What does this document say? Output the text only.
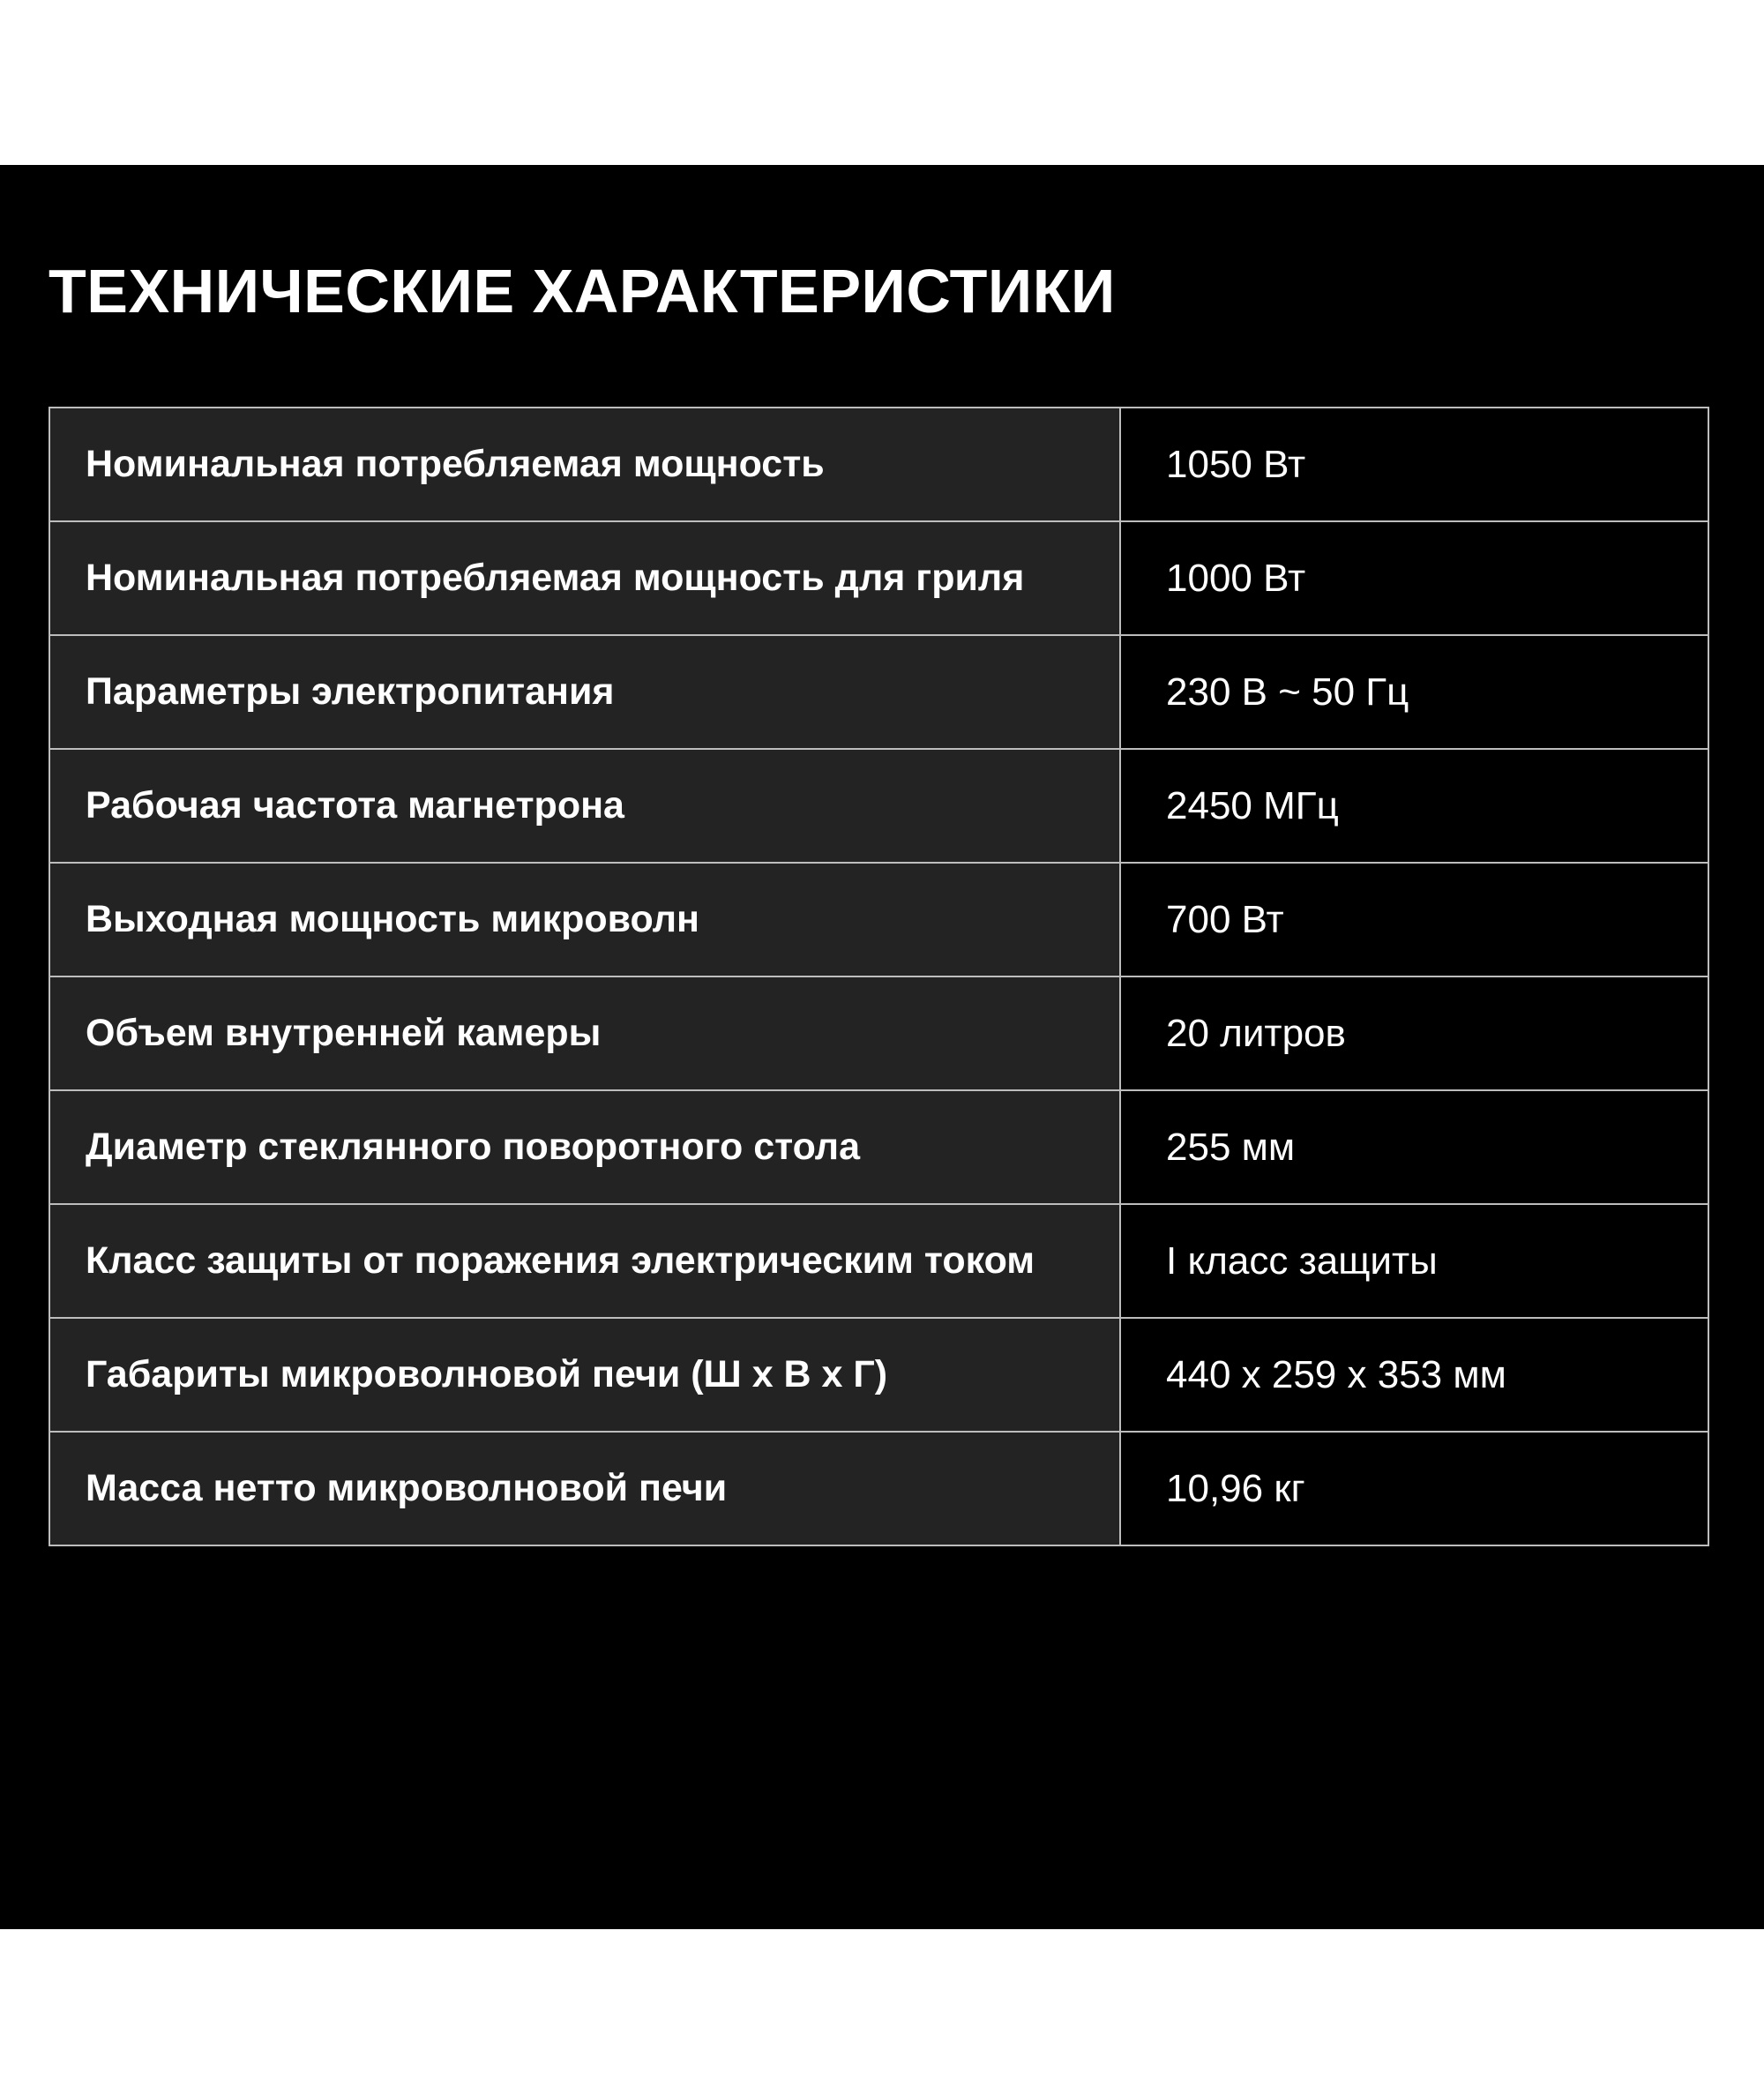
ТЕХНИЧЕСКИЕ ХАРАКТЕРИСТИКИ
Номинальная потребляемая мощность	1050 Вт
Номинальная потребляемая мощность для гриля	1000 Вт
Параметры электропитания	230 В ~ 50 Гц
Рабочая частота магнетрона	2450 МГц
Выходная мощность микроволн	700 Вт
Объем внутренней камеры	20 литров
Диаметр стеклянного поворотного стола	255 мм
Класс защиты от поражения электрическим током	I класс защиты
Габариты микроволновой печи (Ш х В х Г)	440 х 259 х 353 мм
Масса нетто микроволновой печи	10,96 кг
